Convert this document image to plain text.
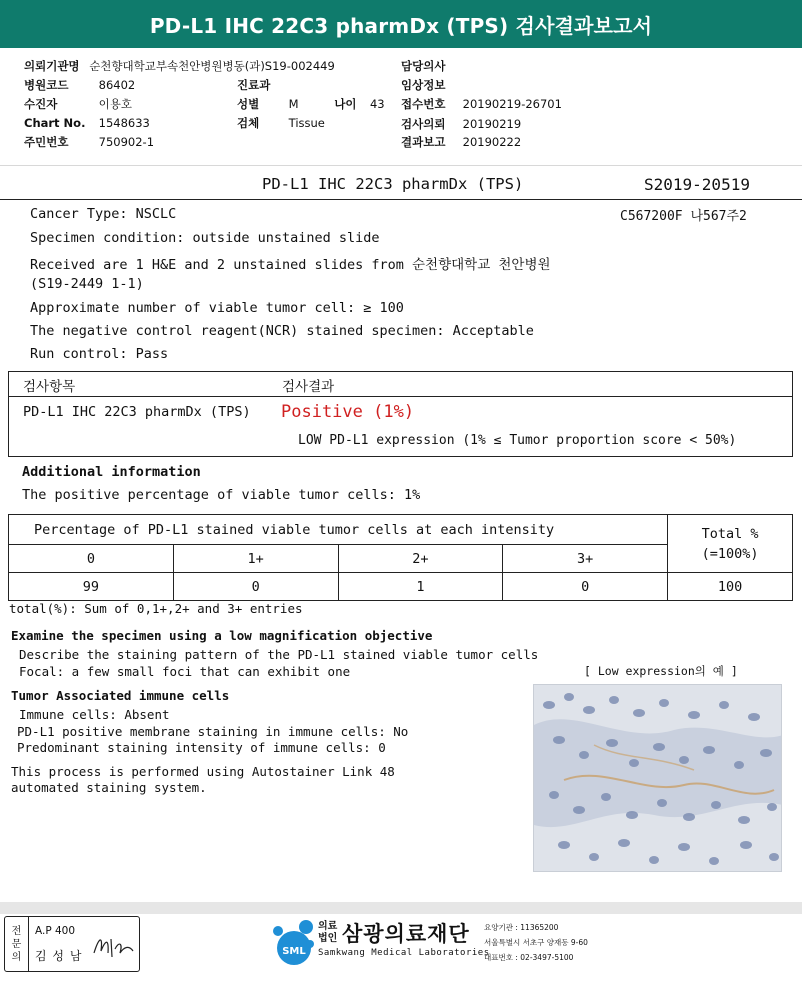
PD-L1 IHC 22C3 pharmDx (TPS) 검사결과보고서
의뢰기관명 순천향대학교부속천안병원병동(과)S19-002449
병원코드	86402
수진자	이용호
Chart No. 1548633
주민번호	750902-1
진료과
성별	M	나이 43
검체	Tissue
담당의사
임상정보
접수번호 20190219-26701
검사의뢰 20190219
결과보고 20190222
PD-L1 IHC 22C3 pharmDx (TPS)	S2019-20519
C567200F 나567주2
Cancer Type: NSCLC
Specimen condition: outside unstained slide
Received are 1 H&E and 2 unstained slides from 순천향대학교 천안병원
(S19-2449 1-1)
Approximate number of viable tumor cell: ≥ 100
The negative control reagent(NCR) stained specimen: Acceptable
Run control: Pass
검사항목	검사결과
PD-L1 IHC 22C3 pharmDx (TPS) Positive (1%)
LOW PD-L1 expression (1% ≤ Tumor proportion score < 50%)
Additional information
The positive percentage of viable tumor cells: 1%
Percentage of PD-L1 stained viable tumor cells at each intensity				Total %
(=100%)

0	1+	2+	3+	
99	0	1	0	100
total(%): Sum of 0,1+,2+ and 3+ entries
Examine the specimen using a low magnification objective
Describe the staining pattern of the PD-L1 stained viable tumor cells
Focal: a few small foci that can exhibit one	[ Low expression의 예 ]
Tumor Associated immune cells
Immune cells: Absent
PD-L1 positive membrane staining in immune cells: No
Predominant staining intensity of immune cells: 0
This process is performed using Autostainer Link 48
automated staining system.
전
문
의
A.P 400
김 성 남	SML
의료
법인 삼광의료재단
Samkwang Medical Laboratories
요양기관 : 11365200
서울특별시 서초구 양재동 9-60
대표번호 : 02-3497-5100
